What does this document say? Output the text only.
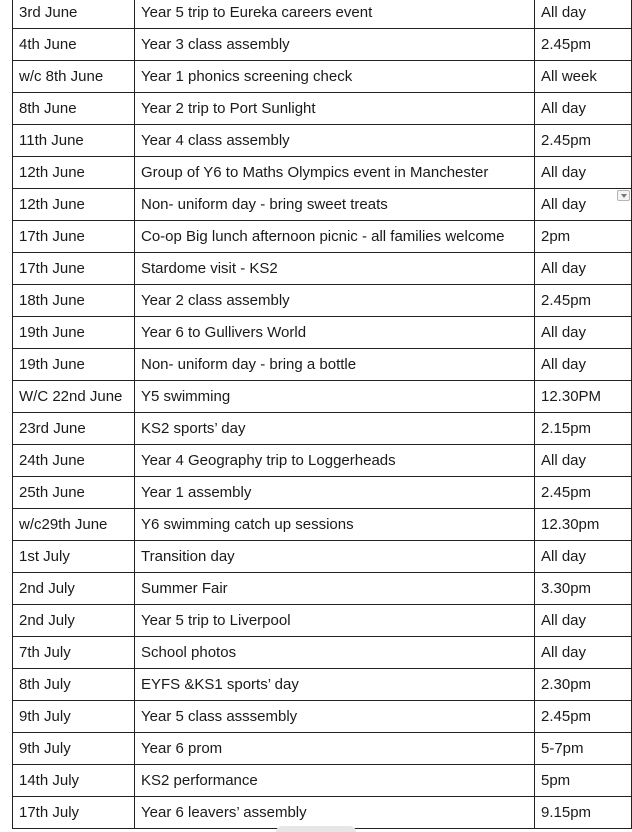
3rd June	Year 5 trip to Eureka careers event	All day
4th June	Year 3 class assembly	2.45pm
w/c 8th June	Year 1 phonics screening check	All week
8th June	Year 2 trip to Port Sunlight	All day
11th June	Year 4 class assembly	2.45pm
12th June	Group of Y6 to Maths Olympics event in Manchester	All day
12th June	Non- uniform day - bring sweet treats	All day
17th June	Co-op Big lunch afternoon picnic - all families welcome	2pm
17th June	Stardome visit - KS2	All day
18th June	Year 2 class assembly	2.45pm
19th June	Year 6 to Gullivers World	All day
19th June	Non- uniform day - bring a bottle	All day
W/C 22nd June	Y5 swimming	12.30PM
23rd June	KS2 sports’ day	2.15pm
24th June	Year 4 Geography trip to Loggerheads	All day
25th June	Year 1 assembly	2.45pm
w/c29th June	Y6 swimming catch up sessions	12.30pm
1st July	Transition day	All day
2nd July	Summer Fair	3.30pm
2nd July	Year 5 trip to Liverpool	All day
7th July	School photos	All day
8th July	EYFS &KS1 sports’ day	2.30pm
9th July	Year 5 class asssembly	2.45pm
9th July	Year 6 prom	5-7pm
14th July	KS2 performance	5pm
17th July	Year 6 leavers’ assembly	9.15pm
